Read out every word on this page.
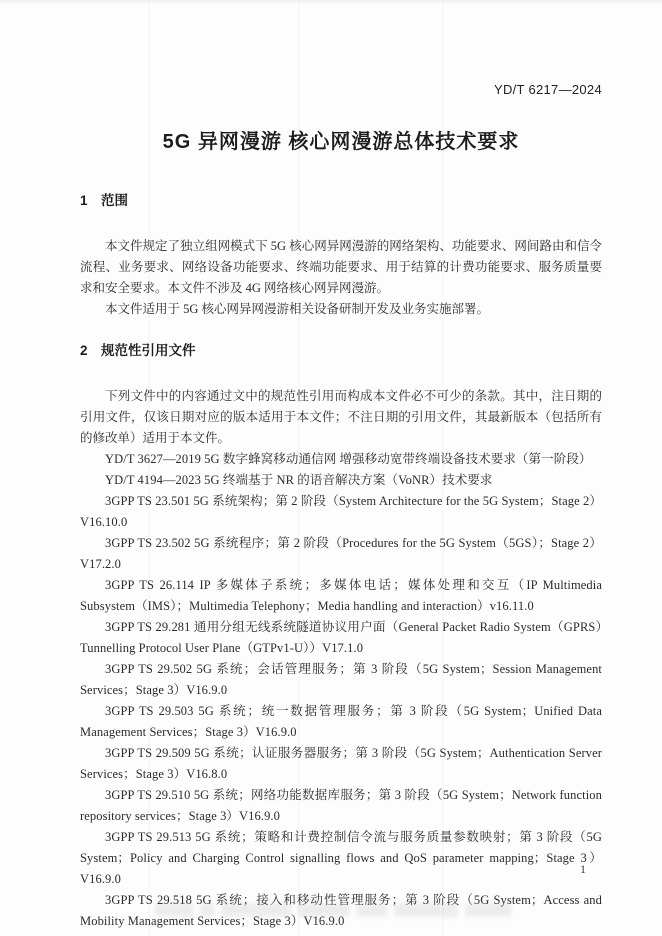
YD/T 6217—2024
5G 异网漫游 核心网漫游总体技术要求
1　范围

本文件规定了独立组网模式下 5G 核心网异网漫游的网络架构、功能要求、网间路由和信令流程、业务要求、网络设备功能要求、终端功能要求、用于结算的计费功能要求、服务质量要求和安全要求。本文件不涉及 4G 网络核心网异网漫游。

本文件适用于 5G 核心网异网漫游相关设备研制开发及业务实施部署。

2　规范性引用文件

下列文件中的内容通过文中的规范性引用而构成本文件必不可少的条款。其中，注日期的引用文件，仅该日期对应的版本适用于本文件；不注日期的引用文件，其最新版本（包括所有的修改单）适用于本文件。

YD/T 3627—2019 5G 数字蜂窝移动通信网 增强移动宽带终端设备技术要求（第一阶段）

YD/T 4194—2023 5G 终端基于 NR 的语音解决方案（VoNR）技术要求

3GPP TS 23.501 5G 系统架构；第 2 阶段（System Architecture for the 5G System；Stage 2）V16.10.0

3GPP TS 23.502 5G 系统程序；第 2 阶段（Procedures for the 5G System（5GS）；Stage 2）V17.2.0

3GPP TS 26.114 IP 多媒体子系统；多媒体电话；媒体处理和交互（IP Multimedia Subsystem（IMS）；Multimedia Telephony；Media handling and interaction）v16.11.0

3GPP TS 29.281 通用分组无线系统隧道协议用户面（General Packet Radio System（GPRS）Tunnelling Protocol User Plane（GTPv1-U））V17.1.0

3GPP TS 29.502 5G 系统；会话管理服务；第 3 阶段（5G System；Session Management Services；Stage 3）V16.9.0

3GPP TS 29.503 5G 系统；统一数据管理服务；第 3 阶段（5G System；Unified Data Management Services；Stage 3）V16.9.0

3GPP TS 29.509 5G 系统；认证服务器服务；第 3 阶段（5G System；Authentication Server Services；Stage 3）V16.8.0

3GPP TS 29.510 5G 系统；网络功能数据库服务；第 3 阶段（5G System；Network function repository services；Stage 3）V16.9.0

3GPP TS 29.513 5G 系统；策略和计费控制信令流与服务质量参数映射；第 3 阶段（5G System；Policy and Charging Control signalling flows and QoS parameter mapping；Stage 3）V16.9.0

3GPP TS 29.518 5G 系统；接入和移动性管理服务；第 3 阶段（5G System；Access and Mobility Management Services；Stage 3）V16.9.0

1
